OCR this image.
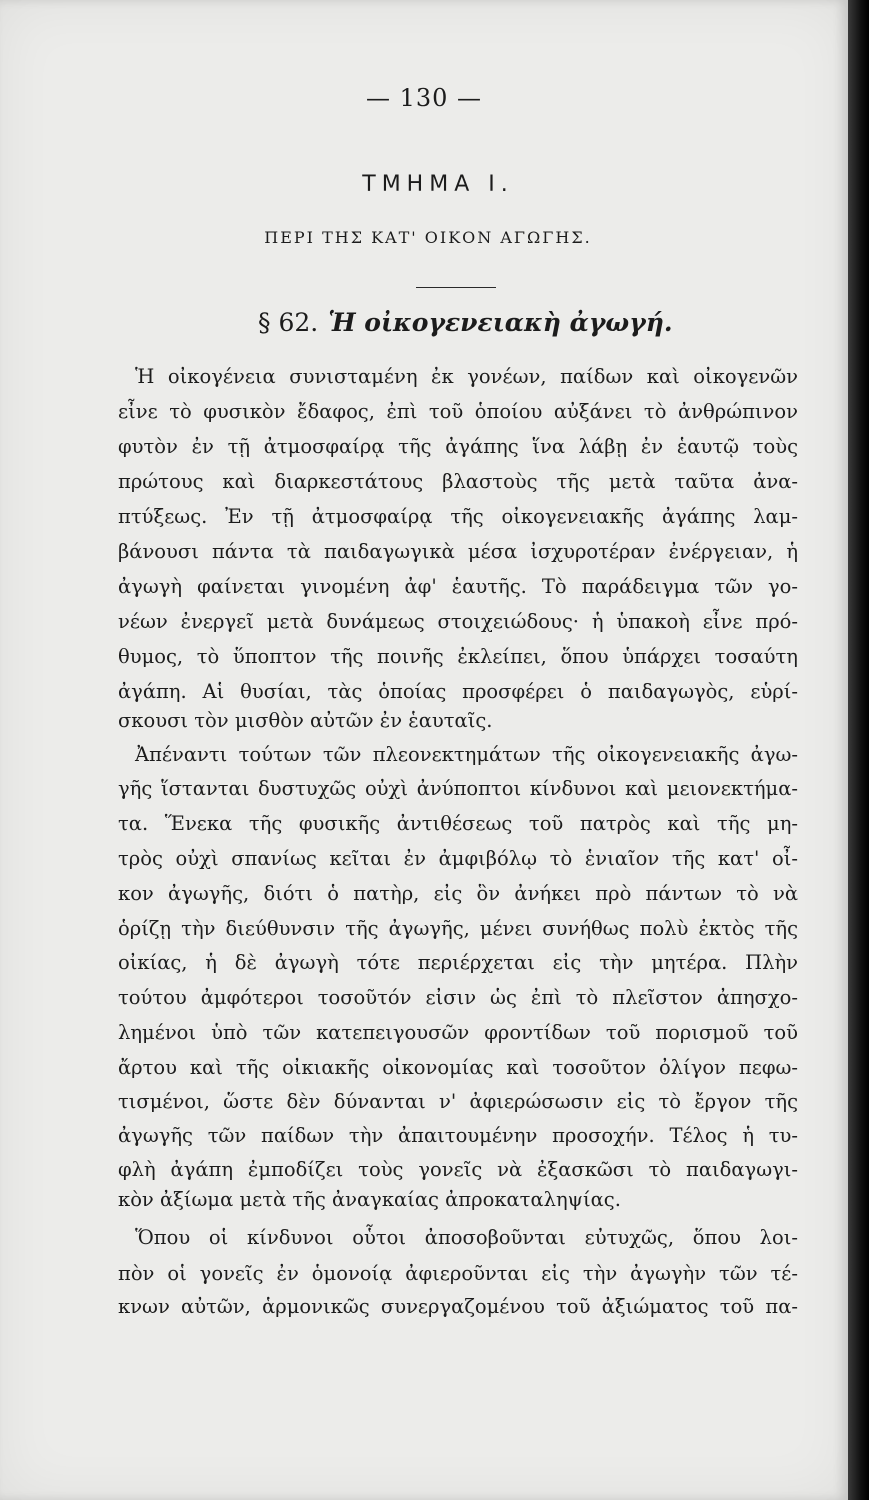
— 130 —
ΤΜΗΜΑ Ι.
ΠΕΡΙ ΤΗΣ ΚΑΤ' ΟΙΚΟΝ ΑΓΩΓΗΣ.
§ 62. Ἡ οἰκογενειακὴ ἀγωγή.
Ἡ οἰκογένεια συνισταμένη ἐκ γονέων, παίδων καὶ οἰκογενῶν
εἶνε τὸ φυσικὸν ἔδαφος, ἐπὶ τοῦ ὁποίου αὐξάνει τὸ ἀνθρώπινον
φυτὸν ἐν τῇ ἀτμοσφαίρᾳ τῆς ἀγάπης ἵνα λάβῃ ἐν ἑαυτῷ τοὺς
πρώτους καὶ διαρκεστάτους βλαστοὺς τῆς μετὰ ταῦτα ἀνα-
πτύξεως. Ἐν τῇ ἀτμοσφαίρᾳ τῆς οἰκογενειακῆς ἀγάπης λαμ-
βάνουσι πάντα τὰ παιδαγωγικὰ μέσα ἰσχυροτέραν ἐνέργειαν, ἡ
ἀγωγὴ φαίνεται γινομένη ἀφ' ἑαυτῆς. Τὸ παράδειγμα τῶν γο-
νέων ἐνεργεῖ μετὰ δυνάμεως στοιχειώδους· ἡ ὑπακοὴ εἶνε πρό-
θυμος, τὸ ὕποπτον τῆς ποινῆς ἐκλείπει, ὅπου ὑπάρχει τοσαύτη
ἀγάπη. Αἱ θυσίαι, τὰς ὁποίας προσφέρει ὁ παιδαγωγὸς, εὑρί-
σκουσι τὸν μισθὸν αὐτῶν ἐν ἑαυταῖς.
Ἀπέναντι τούτων τῶν πλεονεκτημάτων τῆς οἰκογενειακῆς ἀγω-
γῆς ἵστανται δυστυχῶς οὐχὶ ἀνύποπτοι κίνδυνοι καὶ μειονεκτήμα-
τα. Ἕνεκα τῆς φυσικῆς ἀντιθέσεως τοῦ πατρὸς καὶ τῆς μη-
τρὸς οὐχὶ σπανίως κεῖται ἐν ἀμφιβόλῳ τὸ ἑνιαῖον τῆς κατ' οἶ-
κον ἀγωγῆς, διότι ὁ πατὴρ, εἰς ὃν ἀνήκει πρὸ πάντων τὸ νὰ
ὁρίζῃ τὴν διεύθυνσιν τῆς ἀγωγῆς, μένει συνήθως πολὺ ἐκτὸς τῆς
οἰκίας, ἡ δὲ ἀγωγὴ τότε περιέρχεται εἰς τὴν μητέρα. Πλὴν
τούτου ἀμφότεροι τοσοῦτόν εἰσιν ὡς ἐπὶ τὸ πλεῖστον ἀπησχο-
λημένοι ὑπὸ τῶν κατεπειγουσῶν φροντίδων τοῦ πορισμοῦ τοῦ
ἄρτου καὶ τῆς οἰκιακῆς οἰκονομίας καὶ τοσοῦτον ὀλίγον πεφω-
τισμένοι, ὥστε δὲν δύνανται ν' ἀφιερώσωσιν εἰς τὸ ἔργον τῆς
ἀγωγῆς τῶν παίδων τὴν ἀπαιτουμένην προσοχήν. Τέλος ἡ τυ-
φλὴ ἀγάπη ἐμποδίζει τοὺς γονεῖς νὰ ἐξασκῶσι τὸ παιδαγωγι-
κὸν ἀξίωμα μετὰ τῆς ἀναγκαίας ἀπροκαταληψίας.
Ὅπου οἱ κίνδυνοι οὗτοι ἀποσοβοῦνται εὐτυχῶς, ὅπου λοι-
πὸν οἱ γονεῖς ἐν ὁμονοίᾳ ἀφιεροῦνται εἰς τὴν ἀγωγὴν τῶν τέ-
κνων αὐτῶν, ἁρμονικῶς συνεργαζομένου τοῦ ἀξιώματος τοῦ πα-
